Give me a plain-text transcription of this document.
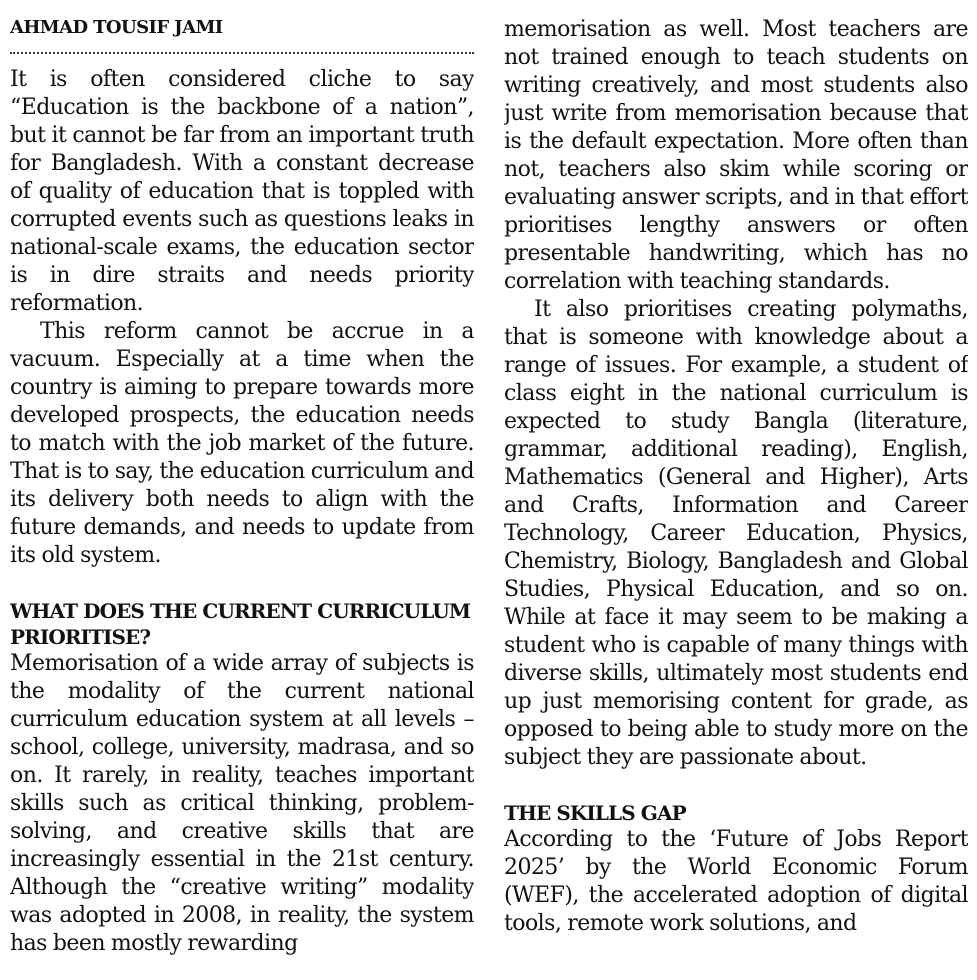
AHMAD TOUSIF JAMI

It is often considered cliche to say “Education is the backbone of a nation”, but it cannot be far from an important truth for Bangladesh. With a constant decrease of quality of education that is toppled with corrupted events such as questions leaks in national-scale exams, the education sector is in dire straits and needs priority reformation.

This reform cannot be accrue in a vacuum. Especially at a time when the country is aiming to prepare towards more developed prospects, the education needs to match with the job market of the future. That is to say, the education curriculum and its delivery both needs to align with the future demands, and needs to update from its old system.

WHAT DOES THE CURRENT CURRICULUM PRIORITISE?

Memorisation of a wide array of subjects is the modality of the current national curriculum education system at all levels – school, college, university, madrasa, and so on. It rarely, in reality, teaches important skills such as critical thinking, problem-solving, and creative skills that are increasingly essential in the 21st century. Although the “creative writing” modality was adopted in 2008, in reality, the system has been mostly rewarding

memorisation as well. Most teachers are not trained enough to teach students on writing creatively, and most students also just write from memorisation because that is the default expectation. More often than not, teachers also skim while scoring or evaluating answer scripts, and in that effort prioritises lengthy answers or often presentable handwriting, which has no correlation with teaching standards.

It also prioritises creating polymaths, that is someone with knowledge about a range of issues. For example, a student of class eight in the national curriculum is expected to study Bangla (literature, grammar, additional reading), English, Mathematics (General and Higher), Arts and Crafts, Information and Career Technology, Career Education, Physics, Chemistry, Biology, Bangladesh and Global Studies, Physical Education, and so on. While at face it may seem to be making a student who is capable of many things with diverse skills, ultimately most students end up just memorising content for grade, as opposed to being able to study more on the subject they are passionate about.

THE SKILLS GAP

According to the ‘Future of Jobs Report 2025’ by the World Economic Forum (WEF), the accelerated adoption of digital tools, remote work solutions, and
